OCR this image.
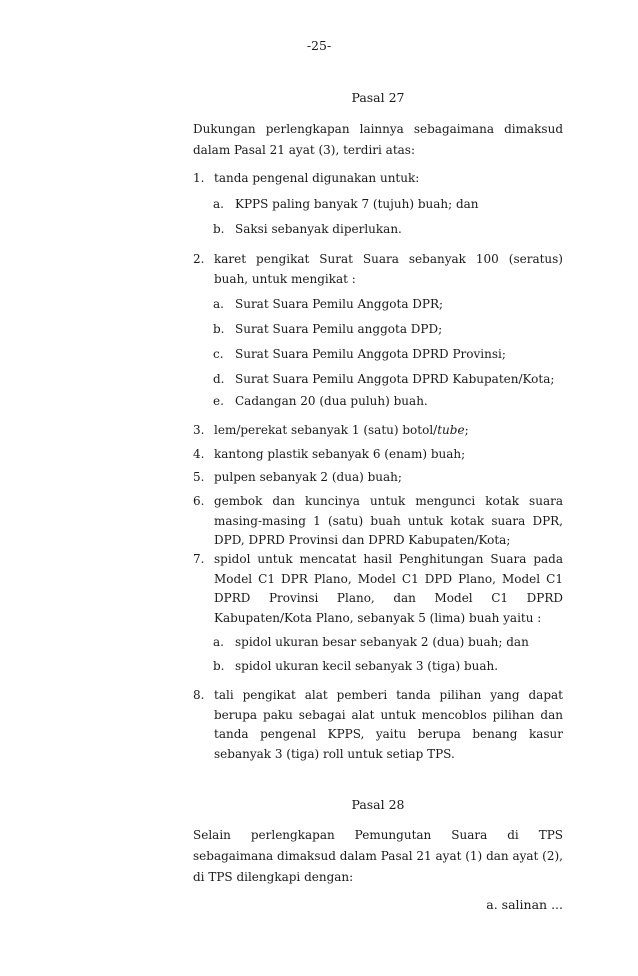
-25-
Pasal 27
Dukungan perlengkapan lainnya sebagaimana dimaksud dalam Pasal 21 ayat (3), terdiri atas:
1. tanda pengenal digunakan untuk:
a. KPPS paling banyak 7 (tujuh) buah; dan
b. Saksi sebanyak diperlukan.
2. karet pengikat Surat Suara sebanyak 100 (seratus) buah, untuk mengikat :
a. Surat Suara Pemilu Anggota DPR;
b. Surat Suara Pemilu anggota DPD;
c. Surat Suara Pemilu Anggota DPRD Provinsi;
d. Surat Suara Pemilu Anggota DPRD Kabupaten/Kota;
e. Cadangan 20 (dua puluh) buah.
3. lem/perekat sebanyak 1 (satu) botol/tube;
4. kantong plastik sebanyak 6 (enam) buah;
5. pulpen sebanyak 2 (dua) buah;
6. gembok dan kuncinya untuk mengunci kotak suara masing-masing 1 (satu) buah untuk kotak suara DPR, DPD, DPRD Provinsi dan DPRD Kabupaten/Kota;
7. spidol untuk mencatat hasil Penghitungan Suara pada Model C1 DPR Plano, Model C1 DPD Plano, Model C1 DPRD Provinsi Plano, dan Model C1 DPRD Kabupaten/Kota Plano, sebanyak 5 (lima) buah yaitu :
a. spidol ukuran besar sebanyak 2 (dua) buah; dan
b. spidol ukuran kecil sebanyak 3 (tiga) buah.
8. tali pengikat alat pemberi tanda pilihan yang dapat berupa paku sebagai alat untuk mencoblos pilihan dan tanda pengenal KPPS, yaitu berupa benang kasur sebanyak 3 (tiga) roll untuk setiap TPS.
Pasal 28
Selain perlengkapan Pemungutan Suara di TPS sebagaimana dimaksud dalam Pasal 21 ayat (1) dan ayat (2), di TPS dilengkapi dengan:
a. salinan ...
